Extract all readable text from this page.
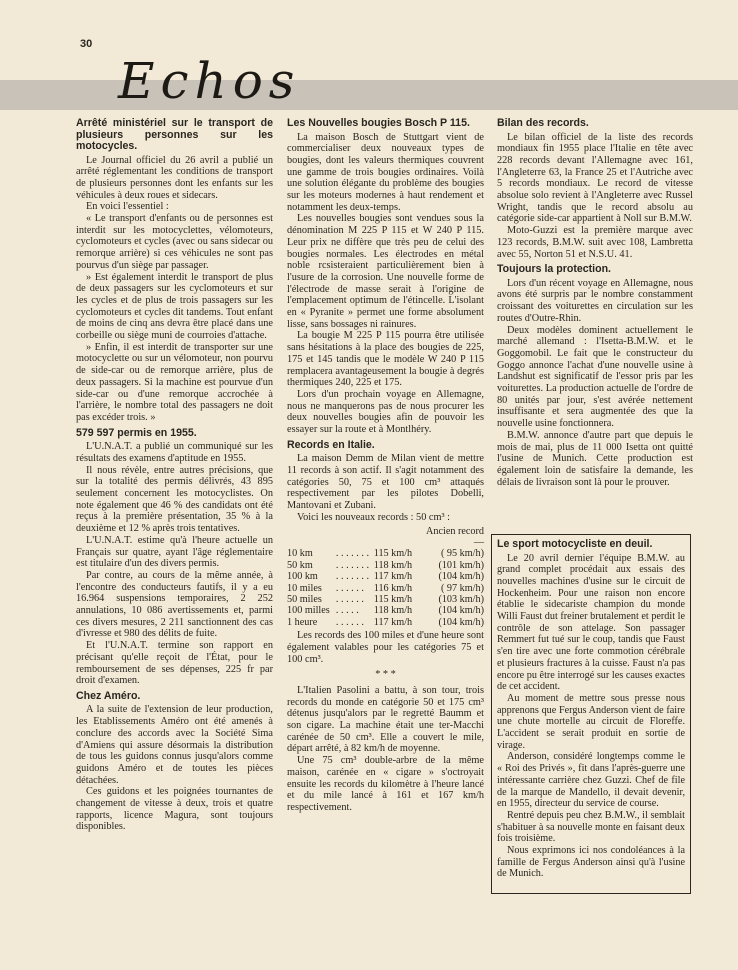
30
Echos
Arrêté ministériel sur le transport de plusieurs personnes sur les motocycles.

Le Journal officiel du 26 avril a publié un arrêté réglementant les conditions de transport de plusieurs personnes dont les enfants sur les véhicules à deux roues et sidecars.

En voici l'essentiel :

« Le transport d'enfants ou de personnes est interdit sur les motocyclettes, vélomoteurs, cyclomoteurs et cycles (avec ou sans sidecar ou remorque arrière) si ces véhicules ne sont pas pourvus d'un siège par passager.

» Est également interdit le transport de plus de deux passagers sur les cyclomoteurs et sur les cycles et de plus de trois passagers sur les cyclomoteurs et cycles dit tandems. Tout enfant de moins de cinq ans devra être placé dans une corbeille ou siège muni de courroies d'attache.

» Enfin, il est interdit de transporter sur une motocyclette ou sur un vélomoteur, non pourvu de side-car ou de remorque arrière, plus de deux passagers. Si la machine est pourvue d'un side-car ou d'une remorque accrochée à l'arrière, le nombre total des passagers ne doit pas excéder trois. »

579 597 permis en 1955.

L'U.N.A.T. a publié un communiqué sur les résultats des examens d'aptitude en 1955.

Il nous révèle, entre autres précisions, que sur la totalité des permis délivrés, 43 895 seulement concernent les motocyclistes. On note également que 46 % des candidats ont été reçus à la première présentation, 35 % à la deuxième et 12 % après trois tentatives.

L'U.N.A.T. estime qu'à l'heure actuelle un Français sur quatre, ayant l'âge réglementaire est titulaire d'un des divers permis.

Par contre, au cours de la même année, à l'encontre des conducteurs fautifs, il y a eu 16.964 suspensions temporaires, 2 252 annulations, 10 086 avertissements et, parmi ces divers mesures, 2 211 sanctionnent des cas d'ivresse et 980 des délits de fuite.

Et l'U.N.A.T. termine son rapport en précisant qu'elle reçoit de l'État, pour le remboursement de ses dépenses, 225 fr par droit d'examen.

Chez Améro.

A la suite de l'extension de leur production, les Etablissements Améro ont été amenés à conclure des accords avec la Société Sima d'Amiens qui assure désormais la distribution de tous les guidons connus jusqu'alors comme guidons Améro et de toutes les pièces détachées.

Ces guidons et les poignées tournantes de changement de vitesse à deux, trois et quatre rapports, licence Magura, sont toujours disponibles.

Les Nouvelles bougies Bosch P 115.

La maison Bosch de Stuttgart vient de commercialiser deux nouveaux types de bougies, dont les valeurs thermiques couvrent une gamme de trois bougies ordinaires. Voilà une solution élégante du problème des bougies sur les moteurs modernes à haut rendement et notamment les deux-temps.

Les nouvelles bougies sont vendues sous la dénomination M 225 P 115 et W 240 P 115. Leur prix ne diffère que très peu de celui des bougies normales. Les électrodes en métal noble rcsisteraient particulièrement bien à l'usure de la corrosion. Une nouvelle forme de l'électrode de masse serait à l'origine de l'emplacement optimum de l'étincelle. L'isolant en « Pyranite » permet une forme absolument lisse, sans bossages ni rainures.

La bougie M 225 P 115 pourra être utilisée sans hésitations à la place des bougies de 225, 175 et 145 tandis que le modèle W 240 P 115 remplacera avantageusement la bougie à degrés thermiques 240, 225 et 175.

Lors d'un prochain voyage en Allemagne, nous ne manquerons pas de nous procurer les deux nouvelles bougies afin de pouvoir les essayer sur la route et à Montlhéry.

Records en Italie.

La maison Demm de Milan vient de mettre 11 records à son actif. Il s'agit notamment des catégories 50, 75 et 100 cm³ attaqués respectivement par les pilotes Dobelli, Mantovani et Zubani.

Voici les nouveaux records : 50 cm³ :

			Ancien record
			—
10 km	. . . . . . .	115 km/h	( 95 km/h)
50 km	. . . . . . .	118 km/h	(101 km/h)
100 km	. . . . . . .	117 km/h	(104 km/h)
10 miles	. . . . . .	116 km/h	( 97 km/h)
50 miles	. . . . . .	115 km/h	(103 km/h)
100 milles	. . . . .	118 km/h	(104 km/h)
1 heure	. . . . . .	117 km/h	(104 km/h)

Les records des 100 miles et d'une heure sont également valables pour les catégories 75 et 100 cm³.

* * *

L'Italien Pasolini a battu, à son tour, trois records du monde en catégorie 50 et 175 cm³ détenus jusqu'alors par le regretté Baumm et son cigare. La machine était une ter-Macchi carénée de 50 cm³. Elle a couvert le mile, départ arrêté, à 82 km/h de moyenne.

Une 75 cm³ double-arbre de la même maison, carénée en « cigare » s'octroyait ensuite les records du kilomètre à l'heure lancé et du mile lancé à 161 et 167 km/h respectivement.

Bilan des records.

Le bilan officiel de la liste des records mondiaux fin 1955 place l'Italie en tête avec 228 records devant l'Allemagne avec 161, l'Angleterre 63, la France 25 et l'Autriche avec 5 records mondiaux. Le record de vitesse absolue solo revient à l'Angleterre avec Russel Wright, tandis que le record absolu au catégorie side-car appartient à Noll sur B.M.W.

Moto-Guzzi est la première marque avec 123 records, B.M.W. suit avec 108, Lambretta avec 55, Norton 51 et N.S.U. 41.

Toujours la protection.

Lors d'un récent voyage en Allemagne, nous avons été surpris par le nombre constamment croissant des voiturettes en circulation sur les routes d'Outre-Rhin.

Deux modèles dominent actuellement le marché allemand : l'Isetta-B.M.W. et le Goggomobil. Le fait que le constructeur du Goggo annonce l'achat d'une nouvelle usine à Landshut est significatif de l'essor pris par les voiturettes. La production actuelle de l'ordre de 80 unités par jour, s'est avérée nettement insuffisante et sera augmentée des que la nouvelle usine fonctionnera.

B.M.W. annonce d'autre part que depuis le mois de mai, plus de 11 000 Isetta ont quitté l'usine de Munich. Cette production est également loin de satisfaire la demande, les délais de livraison sont là pour le prouver.

Le sport motocycliste en deuil.

Le 20 avril dernier l'équipe B.M.W. au grand complet procédait aux essais des nouvelles machines d'usine sur le circuit de Hockenheim. Pour une raison non encore établie le sidecariste champion du monde Willi Faust dut freiner brutalement et perdit le contrôle de son attelage. Son passager Remmert fut tué sur le coup, tandis que Faust s'en tire avec une forte commotion cérébrale et plusieurs fractures à la cuisse. Faust n'a pas encore pu être interrogé sur les causes exactes de cet accident.

Au moment de mettre sous presse nous apprenons que Fergus Anderson vient de faire une chute mortelle au circuit de Floreffe. L'accident se serait produit en sortie de virage.

Anderson, considéré longtemps comme le « Roi des Privés », fit dans l'après-guerre une intéressante carrière chez Guzzi. Chef de file de la marque de Mandello, il devait devenir, en 1955, directeur du service de course.

Rentré depuis peu chez B.M.W., il semblait s'habituer à sa nouvelle monte en faisant deux fois troisième.

Nous exprimons ici nos condoléances à la famille de Fergus Anderson ainsi qu'à l'usine de Munich.
